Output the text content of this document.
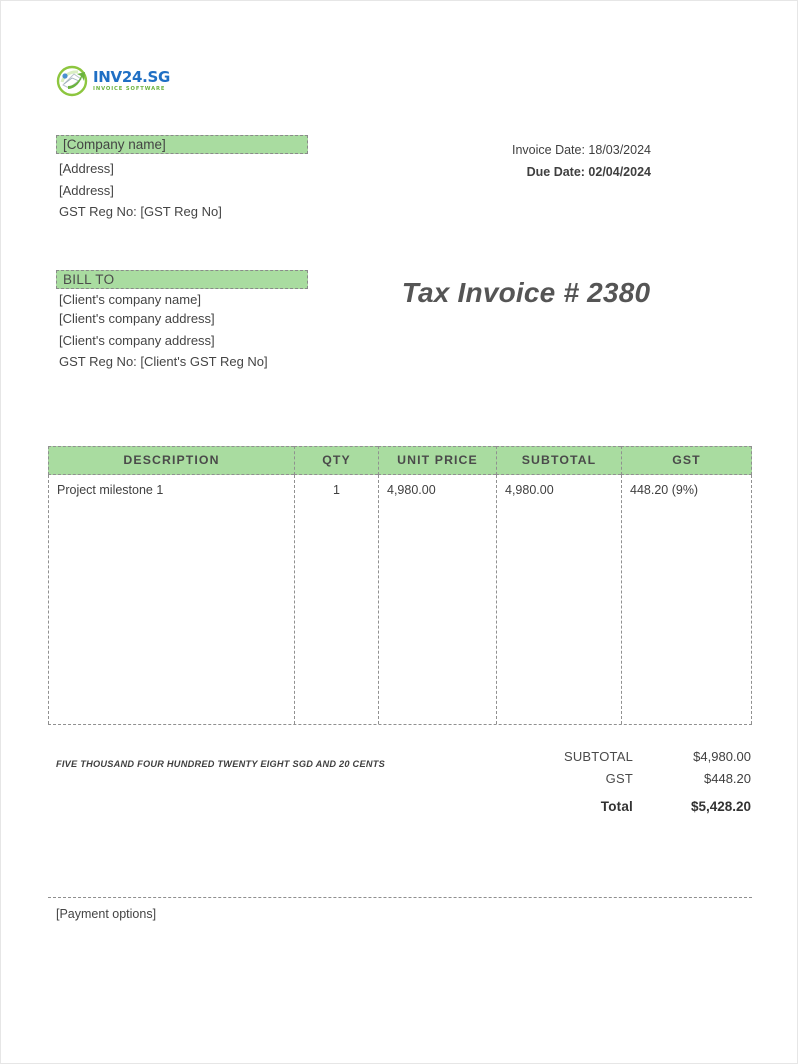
INV24.SG
INVOICE SOFTWARE
[Company name]
[Address]
[Address]
GST Reg No: [GST Reg No]
Invoice Date: 18/03/2024
Due Date: 02/04/2024
BILL TO
[Client's company name]
[Client's company address]
[Client's company address]
GST Reg No: [Client's GST Reg No]
Tax Invoice # 2380
DESCRIPTION	QTY	UNIT PRICE	SUBTOTAL	GST
Project milestone 1	1	4,980.00	4,980.00	448.20 (9%)
FIVE THOUSAND FOUR HUNDRED TWENTY EIGHT SGD AND 20 CENTS	SUBTOTAL	$4,980.00
GST	$448.20
Total	$5,428.20
[Payment options]
